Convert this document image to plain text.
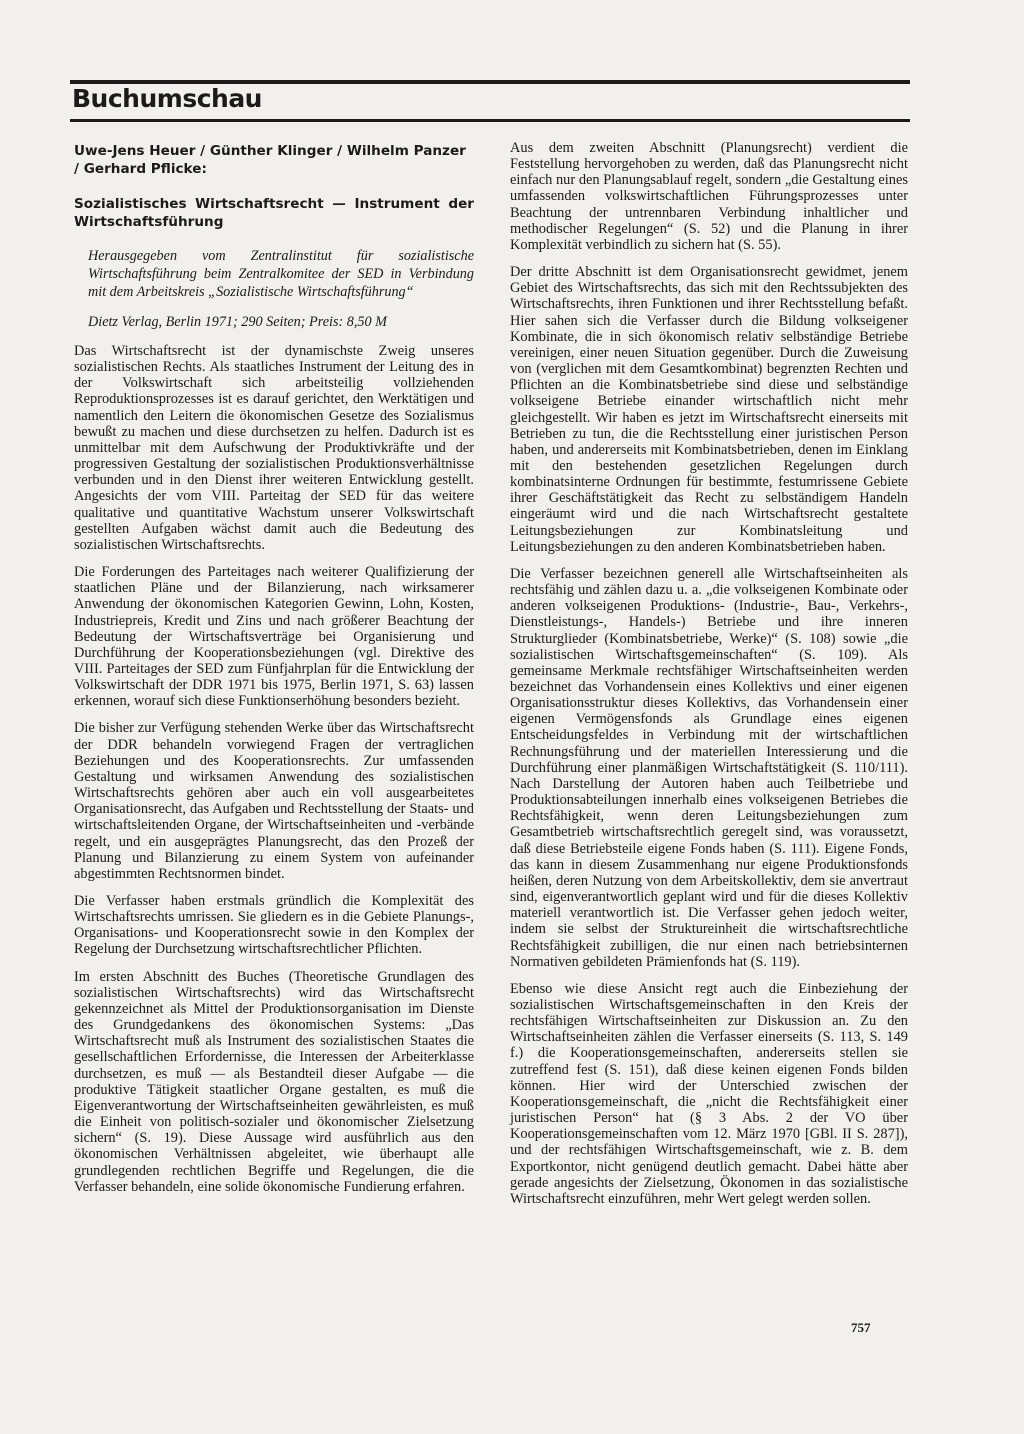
Buchumschau

Uwe-Jens Heuer / Günther Klinger / Wilhelm Panzer / Gerhard Pflicke:

Sozialistisches Wirtschaftsrecht — Instrument der Wirtschaftsführung

Herausgegeben vom Zentralinstitut für sozialistische Wirtschaftsführung beim Zentralkomitee der SED in Verbindung mit dem Arbeitskreis „Sozialistische Wirtschaftsführung“

Dietz Verlag, Berlin 1971; 290 Seiten; Preis: 8,50 M

Das Wirtschaftsrecht ist der dynamischste Zweig unseres sozialistischen Rechts. Als staatliches Instrument der Leitung des in der Volkswirtschaft sich arbeitsteilig vollziehenden Reproduktionsprozesses ist es darauf gerichtet, den Werktätigen und namentlich den Leitern die ökonomischen Gesetze des Sozialismus bewußt zu machen und diese durchsetzen zu helfen. Dadurch ist es unmittelbar mit dem Aufschwung der Produktivkräfte und der progressiven Gestaltung der sozialistischen Produktionsverhältnisse verbunden und in den Dienst ihrer weiteren Entwicklung gestellt. Angesichts der vom VIII. Parteitag der SED für das weitere qualitative und quantitative Wachstum unserer Volkswirtschaft gestellten Aufgaben wächst damit auch die Bedeutung des sozialistischen Wirtschaftsrechts.

Die Forderungen des Parteitages nach weiterer Qualifizierung der staatlichen Pläne und der Bilanzierung, nach wirksamerer Anwendung der ökonomischen Kategorien Gewinn, Lohn, Kosten, Industriepreis, Kredit und Zins und nach größerer Beachtung der Bedeutung der Wirtschaftsverträge bei Organisierung und Durchführung der Kooperationsbeziehungen (vgl. Direktive des VIII. Parteitages der SED zum Fünfjahrplan für die Entwicklung der Volkswirtschaft der DDR 1971 bis 1975, Berlin 1971, S. 63) lassen erkennen, worauf sich diese Funktionserhöhung besonders bezieht.

Die bisher zur Verfügung stehenden Werke über das Wirtschaftsrecht der DDR behandeln vorwiegend Fragen der vertraglichen Beziehungen und des Kooperationsrechts. Zur umfassenden Gestaltung und wirksamen Anwendung des sozialistischen Wirtschaftsrechts gehören aber auch ein voll ausgearbeitetes Organisationsrecht, das Aufgaben und Rechtsstellung der Staats- und wirtschaftsleitenden Organe, der Wirtschaftseinheiten und -verbände regelt, und ein ausgeprägtes Planungsrecht, das den Prozeß der Planung und Bilanzierung zu einem System von aufeinander abgestimmten Rechtsnormen bindet.

Die Verfasser haben erstmals gründlich die Komplexität des Wirtschaftsrechts umrissen. Sie gliedern es in die Gebiete Planungs-, Organisations- und Kooperationsrecht sowie in den Komplex der Regelung der Durchsetzung wirtschaftsrechtlicher Pflichten.

Im ersten Abschnitt des Buches (Theoretische Grundlagen des sozialistischen Wirtschaftsrechts) wird das Wirtschaftsrecht gekennzeichnet als Mittel der Produktionsorganisation im Dienste des Grundgedankens des ökonomischen Systems: „Das Wirtschaftsrecht muß als Instrument des sozialistischen Staates die gesellschaftlichen Erfordernisse, die Interessen der Arbeiterklasse durchsetzen, es muß — als Bestandteil dieser Aufgabe — die produktive Tätigkeit staatlicher Organe gestalten, es muß die Eigenverantwortung der Wirtschaftseinheiten gewährleisten, es muß die Einheit von politisch-sozialer und ökonomischer Zielsetzung sichern“ (S. 19). Diese Aussage wird ausführlich aus den ökonomischen Verhältnissen abgeleitet, wie überhaupt alle grundlegenden rechtlichen Begriffe und Regelungen, die die Verfasser behandeln, eine solide ökonomische Fundierung erfahren.

Aus dem zweiten Abschnitt (Planungsrecht) verdient die Feststellung hervorgehoben zu werden, daß das Planungsrecht nicht einfach nur den Planungsablauf regelt, sondern „die Gestaltung eines umfassenden volkswirtschaftlichen Führungsprozesses unter Beachtung der untrennbaren Verbindung inhaltlicher und methodischer Regelungen“ (S. 52) und die Planung in ihrer Komplexität verbindlich zu sichern hat (S. 55).

Der dritte Abschnitt ist dem Organisationsrecht gewidmet, jenem Gebiet des Wirtschaftsrechts, das sich mit den Rechtssubjekten des Wirtschaftsrechts, ihren Funktionen und ihrer Rechtsstellung befaßt. Hier sahen sich die Verfasser durch die Bildung volkseigener Kombinate, die in sich ökonomisch relativ selbständige Betriebe vereinigen, einer neuen Situation gegenüber. Durch die Zuweisung von (verglichen mit dem Gesamtkombinat) begrenzten Rechten und Pflichten an die Kombinatsbetriebe sind diese und selbständige volkseigene Betriebe einander wirtschaftlich nicht mehr gleichgestellt. Wir haben es jetzt im Wirtschaftsrecht einerseits mit Betrieben zu tun, die die Rechtsstellung einer juristischen Person haben, und andererseits mit Kombinatsbetrieben, denen im Einklang mit den bestehenden gesetzlichen Regelungen durch kombinatsinterne Ordnungen für bestimmte, festumrissene Gebiete ihrer Geschäftstätigkeit das Recht zu selbständigem Handeln eingeräumt wird und die nach Wirtschaftsrecht gestaltete Leitungsbeziehungen zur Kombinatsleitung und Leitungsbeziehungen zu den anderen Kombinatsbetrieben haben.

Die Verfasser bezeichnen generell alle Wirtschaftseinheiten als rechtsfähig und zählen dazu u. a. „die volkseigenen Kombinate oder anderen volkseigenen Produktions- (Industrie-, Bau-, Verkehrs-, Dienstleistungs-, Handels-) Betriebe und ihre inneren Strukturglieder (Kombinatsbetriebe, Werke)“ (S. 108) sowie „die sozialistischen Wirtschaftsgemeinschaften“ (S. 109). Als gemeinsame Merkmale rechtsfähiger Wirtschaftseinheiten werden bezeichnet das Vorhandensein eines Kollektivs und einer eigenen Organisationsstruktur dieses Kollektivs, das Vorhandensein einer eigenen Vermögensfonds als Grundlage eines eigenen Entscheidungsfeldes in Verbindung mit der wirtschaftlichen Rechnungsführung und der materiellen Interessierung und die Durchführung einer planmäßigen Wirtschaftstätigkeit (S. 110/111). Nach Darstellung der Autoren haben auch Teilbetriebe und Produktionsabteilungen innerhalb eines volkseigenen Betriebes die Rechtsfähigkeit, wenn deren Leitungsbeziehungen zum Gesamtbetrieb wirtschaftsrechtlich geregelt sind, was voraussetzt, daß diese Betriebsteile eigene Fonds haben (S. 111). Eigene Fonds, das kann in diesem Zusammenhang nur eigene Produktionsfonds heißen, deren Nutzung von dem Arbeitskollektiv, dem sie anvertraut sind, eigenverantwortlich geplant wird und für die dieses Kollektiv materiell verantwortlich ist. Die Verfasser gehen jedoch weiter, indem sie selbst der Struktureinheit die wirtschaftsrechtliche Rechtsfähigkeit zubilligen, die nur einen nach betriebsinternen Normativen gebildeten Prämienfonds hat (S. 119).

Ebenso wie diese Ansicht regt auch die Einbeziehung der sozialistischen Wirtschaftsgemeinschaften in den Kreis der rechtsfähigen Wirtschaftseinheiten zur Diskussion an. Zu den Wirtschaftseinheiten zählen die Verfasser einerseits (S. 113, S. 149 f.) die Kooperationsgemeinschaften, andererseits stellen sie zutreffend fest (S. 151), daß diese keinen eigenen Fonds bilden können. Hier wird der Unterschied zwischen der Kooperationsgemeinschaft, die „nicht die Rechtsfähigkeit einer juristischen Person“ hat (§ 3 Abs. 2 der VO über Kooperationsgemeinschaften vom 12. März 1970 [GBl. II S. 287]), und der rechtsfähigen Wirtschaftsgemeinschaft, wie z. B. dem Exportkontor, nicht genügend deutlich gemacht. Dabei hätte aber gerade angesichts der Zielsetzung, Ökonomen in das sozialistische Wirtschaftsrecht einzuführen, mehr Wert gelegt werden sollen.

757
